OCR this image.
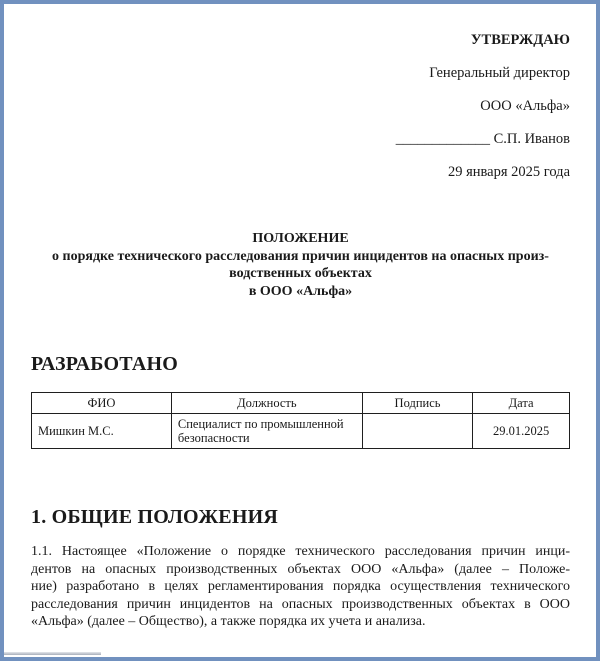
УТВЕРЖДАЮ
Генеральный директор
ООО «Альфа»
_____________ С.П. Иванов
29 января 2025 года
ПОЛОЖЕНИЕ
о порядке технического расследования причин инцидентов на опасных произ-
водственных объектах
в ООО «Альфа»
РАЗРАБОТАНО
ФИО	Должность	Подпись	Дата
Мишкин М.С.	Специалист по промышленной безопасности		29.01.2025
1. ОБЩИЕ ПОЛОЖЕНИЯ
1.1. Настоящее «Положение о порядке технического расследования причин инци-
дентов на опасных производственных объектах ООО «Альфа» (далее – Положе-
ние) разработано в целях регламентирования порядка осуществления технического
расследования причин инцидентов на опасных производственных объектах в ООО
«Альфа» (далее – Общество), а также порядка их учета и анализа.
